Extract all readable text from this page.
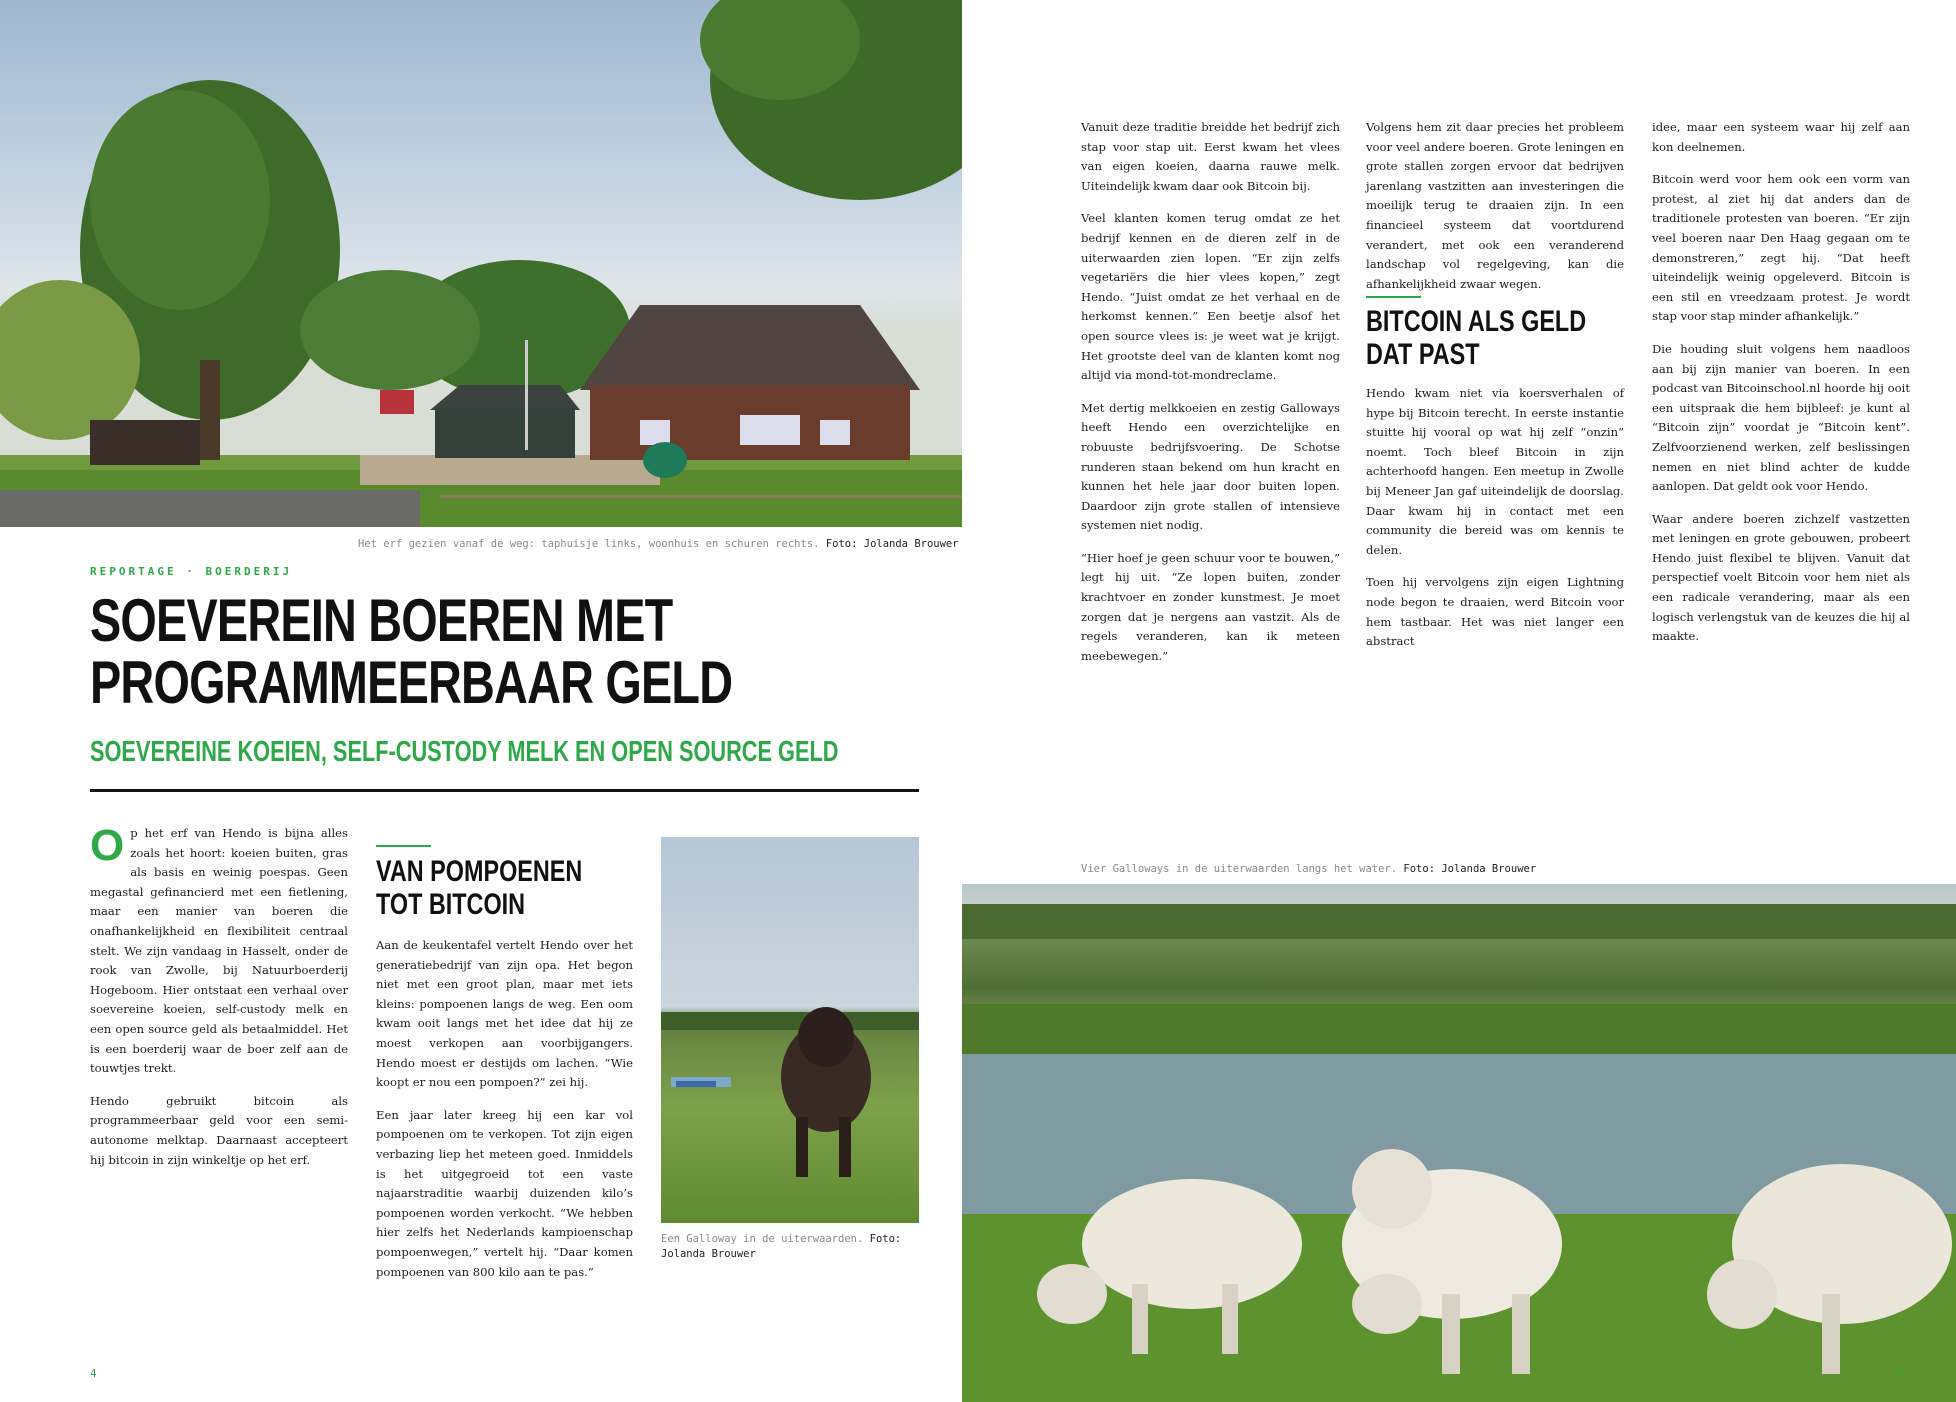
Het erf gezien vanaf de weg: taphuisje links, woonhuis en schuren rechts. Foto: Jolanda Brouwer
REPORTAGE · BOERDERIJ
SOEVEREIN BOEREN MET
PROGRAMMEERBAAR GELD
SOEVEREINE KOEIEN, SELF-CUSTODY MELK EN OPEN SOURCE GELD

Op het erf van Hendo is bijna alles zoals het hoort: koeien buiten, gras als basis en weinig poespas. Geen megastal gefinancierd met een fietlening, maar een manier van boeren die onafhankelijkheid en flexibiliteit centraal stelt. We zijn vandaag in Hasselt, onder de rook van Zwolle, bij Natuurboerderij Hogeboom. Hier ontstaat een verhaal over soevereine koeien, self-custody melk en een open source geld als betaalmiddel. Het is een boerderij waar de boer zelf aan de touwtjes trekt.

Hendo gebruikt bitcoin als programmeerbaar geld voor een semi-autonome melktap. Daarnaast accepteert hij bitcoin in zijn winkeltje op het erf.

VAN POMPOENEN TOT BITCOIN

Aan de keukentafel vertelt Hendo over het generatiebedrijf van zijn opa. Het begon niet met een groot plan, maar met iets kleins: pompoenen langs de weg. Een oom kwam ooit langs met het idee dat hij ze moest verkopen aan voorbijgangers. Hendo moest er destijds om lachen. “Wie koopt er nou een pompoen?” zei hij.

Een jaar later kreeg hij een kar vol pompoenen om te verkopen. Tot zijn eigen verbazing liep het meteen goed. Inmiddels is het uitgegroeid tot een vaste najaarstraditie waarbij duizenden kilo’s pompoenen worden verkocht. “We hebben hier zelfs het Nederlands kampioenschap pompoenwegen,” vertelt hij. “Daar komen pompoenen van 800 kilo aan te pas.”

Een Galloway in de uiterwaarden. Foto: Jolanda Brouwer
4

Vanuit deze traditie breidde het bedrijf zich stap voor stap uit. Eerst kwam het vlees van eigen koeien, daarna rauwe melk. Uiteindelijk kwam daar ook Bitcoin bij.

Veel klanten komen terug omdat ze het bedrijf kennen en de dieren zelf in de uiterwaarden zien lopen. “Er zijn zelfs vegetariërs die hier vlees kopen,” zegt Hendo. “Juist omdat ze het verhaal en de herkomst kennen.” Een beetje alsof het open source vlees is: je weet wat je krijgt. Het grootste deel van de klanten komt nog altijd via mond-tot-mondreclame.

Met dertig melkkoeien en zestig Galloways heeft Hendo een overzichtelijke en robuuste bedrijfsvoering. De Schotse runderen staan bekend om hun kracht en kunnen het hele jaar door buiten lopen. Daardoor zijn grote stallen of intensieve systemen niet nodig.

“Hier hoef je geen schuur voor te bouwen,” legt hij uit. “Ze lopen buiten, zonder krachtvoer en zonder kunstmest. Je moet zorgen dat je nergens aan vastzit. Als de regels veranderen, kan ik meteen meebewegen.”

Volgens hem zit daar precies het probleem voor veel andere boeren. Grote leningen en grote stallen zorgen ervoor dat bedrijven jarenlang vastzitten aan investeringen die moeilijk terug te draaien zijn. In een financieel systeem dat voortdurend verandert, met ook een veranderend landschap vol regelgeving, kan die afhankelijkheid zwaar wegen.

BITCOIN ALS GELD DAT PAST

Hendo kwam niet via koersverhalen of hype bij Bitcoin terecht. In eerste instantie stuitte hij vooral op wat hij zelf “onzin” noemt. Toch bleef Bitcoin in zijn achterhoofd hangen. Een meetup in Zwolle bij Meneer Jan gaf uiteindelijk de doorslag. Daar kwam hij in contact met een community die bereid was om kennis te delen.

Toen hij vervolgens zijn eigen Lightning node begon te draaien, werd Bitcoin voor hem tastbaar. Het was niet langer een abstract

idee, maar een systeem waar hij zelf aan kon deelnemen.

Bitcoin werd voor hem ook een vorm van protest, al ziet hij dat anders dan de traditionele protesten van boeren. “Er zijn veel boeren naar Den Haag gegaan om te demonstreren,” zegt hij. “Dat heeft uiteindelijk weinig opgeleverd. Bitcoin is een stil en vreedzaam protest. Je wordt stap voor stap minder afhankelijk.”

Die houding sluit volgens hem naadloos aan bij zijn manier van boeren. In een podcast van Bitcoinschool.nl hoorde hij ooit een uitspraak die hem bijbleef: je kunt al “Bitcoin zijn” voordat je “Bitcoin kent”. Zelfvoorzienend werken, zelf beslissingen nemen en niet blind achter de kudde aanlopen. Dat geldt ook voor Hendo.

Waar andere boeren zichzelf vastzetten met leningen en grote gebouwen, probeert Hendo juist flexibel te blijven. Vanuit dat perspectief voelt Bitcoin voor hem niet als een radicale verandering, maar als een logisch verlengstuk van de keuzes die hij al maakte.

Vier Galloways in de uiterwaarden langs het water. Foto: Jolanda Brouwer
5
